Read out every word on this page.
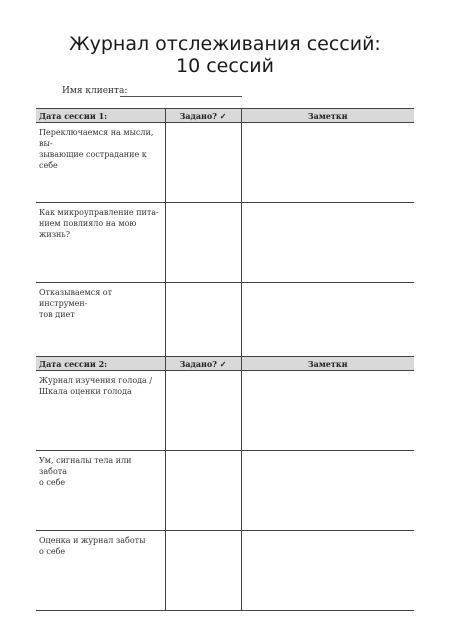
Журнал отслеживания сессий:
10 сессий
Имя клиента:
Дата сессии 1:	Задано? ✓	Заметки

Переключаемся на мысли, вы-
зывающие сострадание к себе		

Как микроуправление пита-
нием повлияло на мою жизнь?		

Отказываемся от инструмен-
тов диет		

Дата сессии 2:	Задано? ✓	Заметки

Журнал изучения голода /
Шкала оценки голода		

Ум, сигналы тела или забота
о себе		

Оценка и журнал заботы
о себе		
